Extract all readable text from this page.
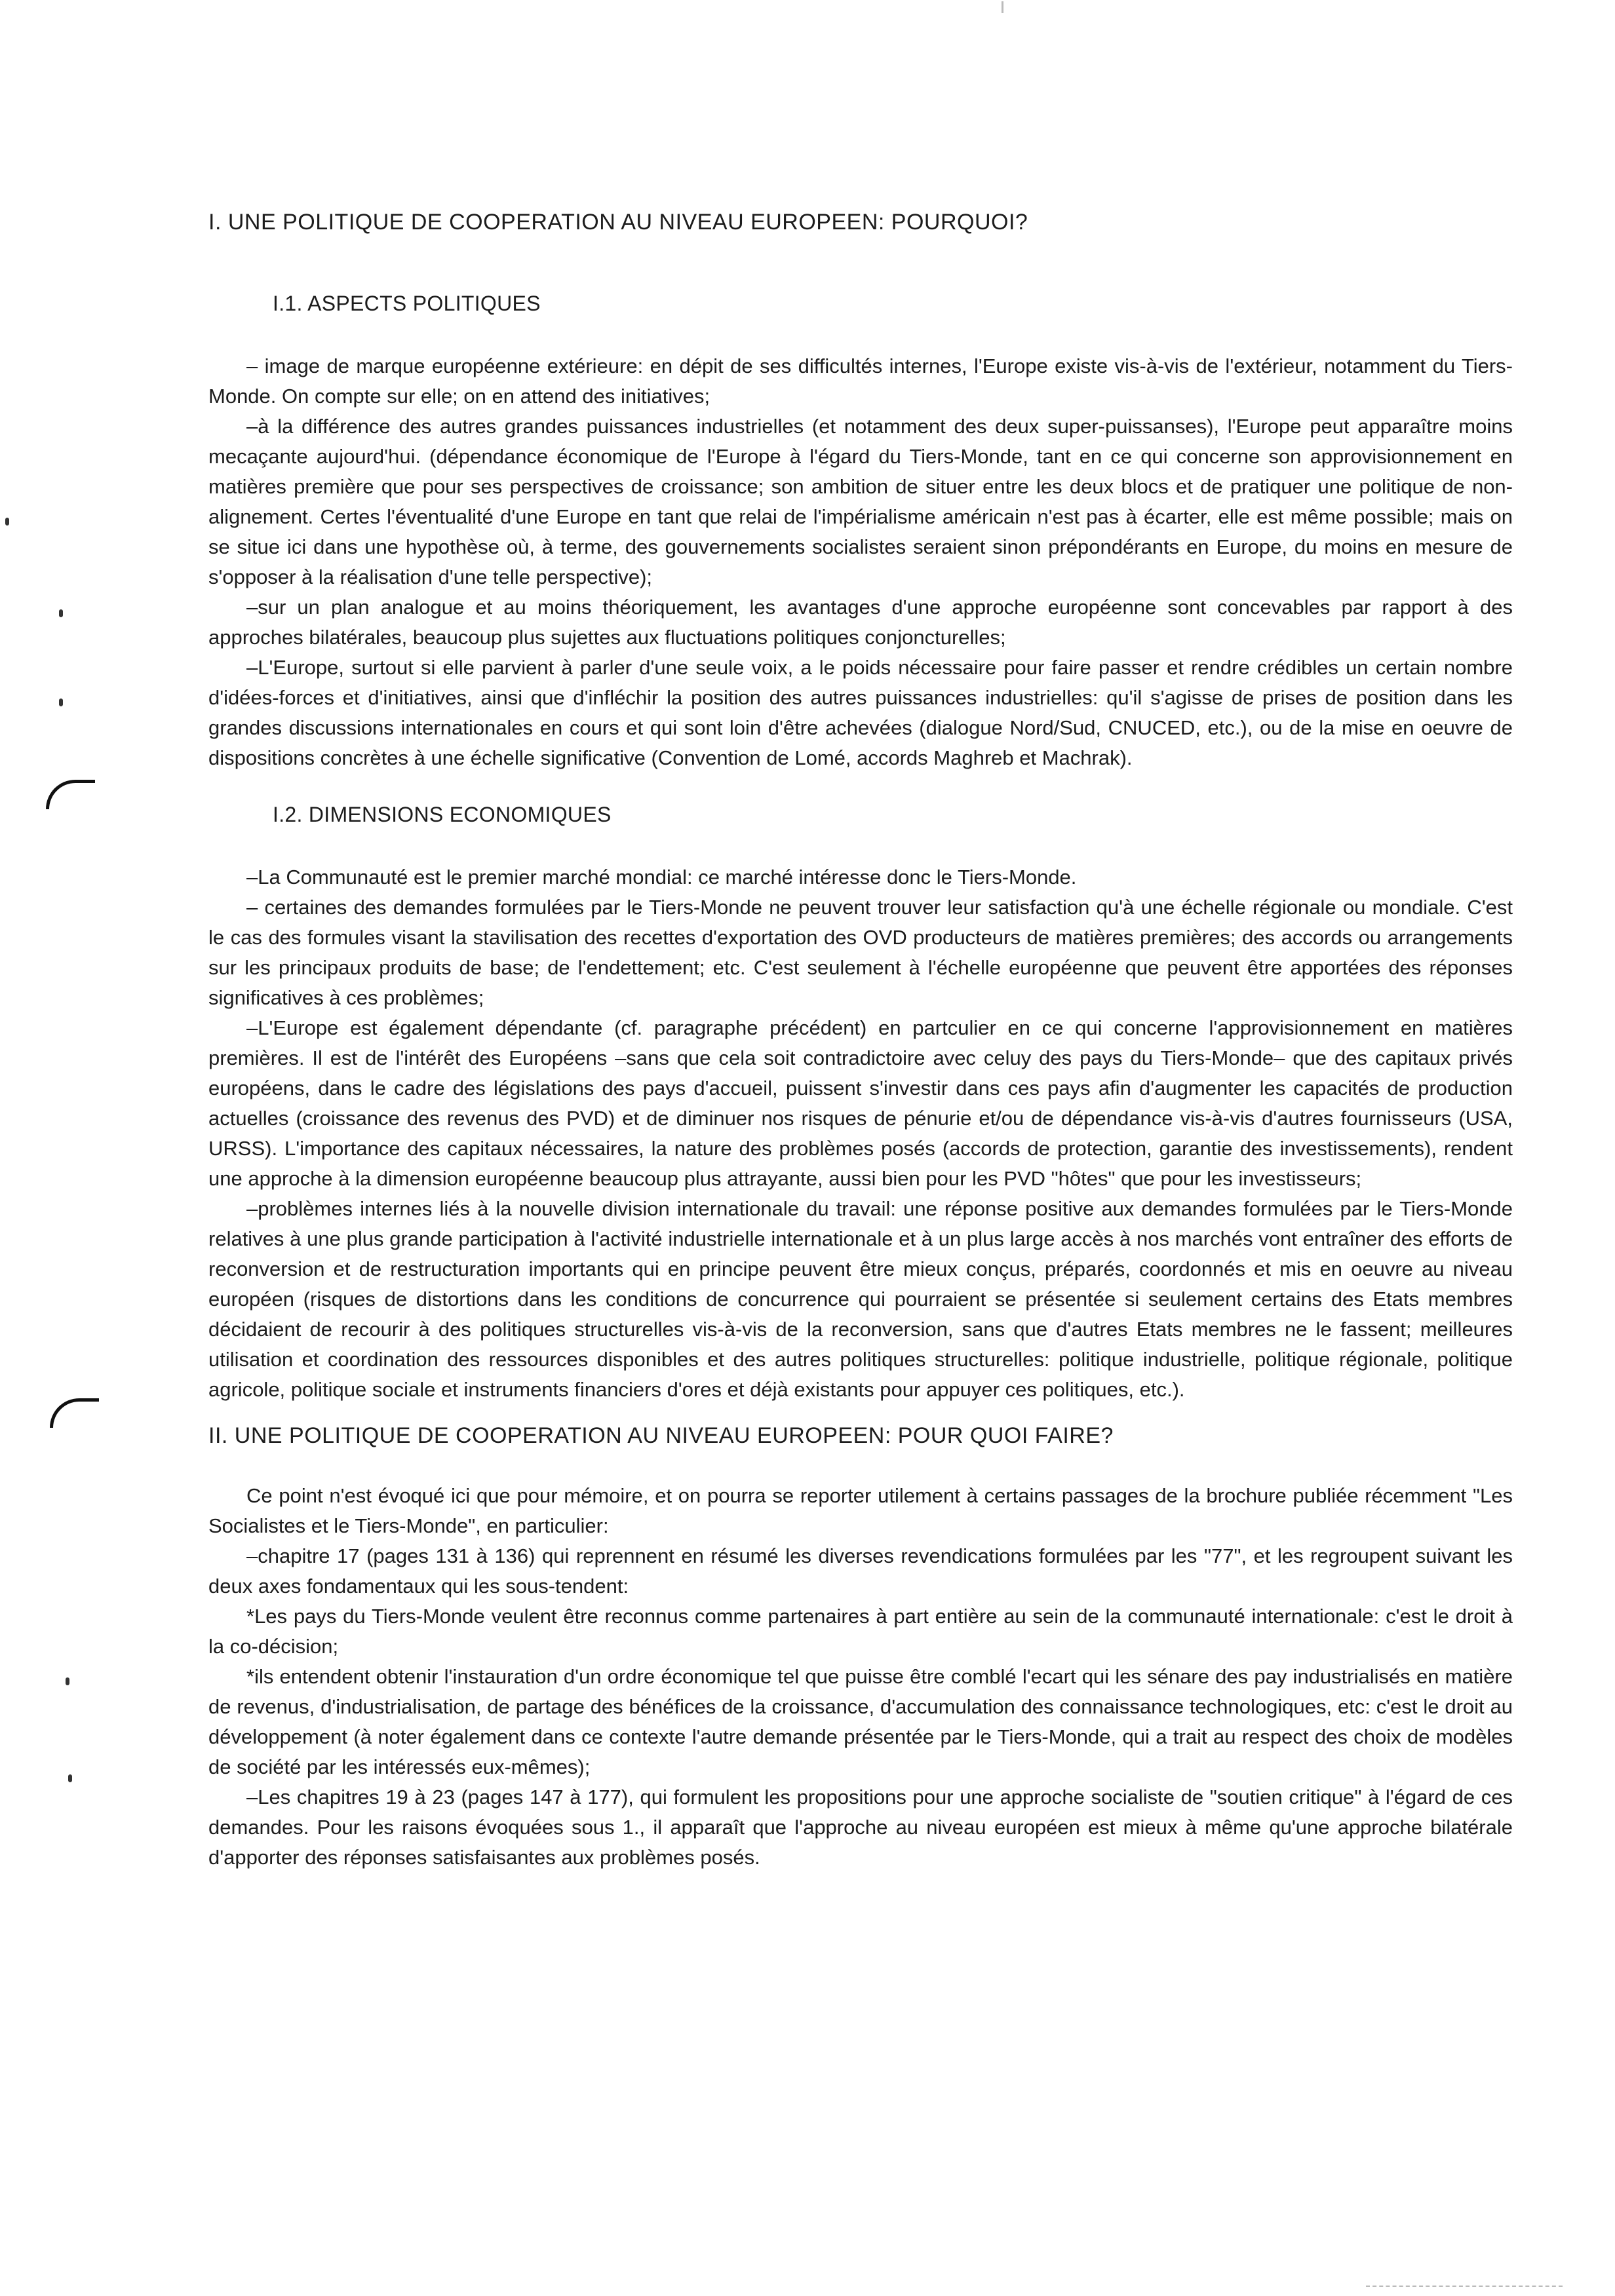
I. UNE POLITIQUE DE COOPERATION AU NIVEAU EUROPEEN: POURQUOI?
I.1. ASPECTS POLITIQUES

– image de marque européenne extérieure: en dépit de ses difficultés internes, l'Europe existe vis-à-vis de l'extérieur, notamment du Tiers-Monde. On compte sur elle; on en attend des initiatives;

–à la différence des autres grandes puissances industrielles (et notamment des deux super-puissanses), l'Europe peut apparaître moins mecaçante aujourd'hui. (dépendance économique de l'Europe à l'égard du Tiers-Monde, tant en ce qui concerne son approvisionnement en matières première que pour ses perspectives de croissance; son ambition de situer entre les deux blocs et de pratiquer une politique de non-alignement. Certes l'éventualité d'une Europe en tant que relai de l'impérialisme américain n'est pas à écarter, elle est même possible; mais on se situe ici dans une hypothèse où, à terme, des gouvernements socialistes seraient sinon prépondérants en Europe, du moins en mesure de s'opposer à la réalisation d'une telle perspective);

–sur un plan analogue et au moins théoriquement, les avantages d'une approche européenne sont concevables par rapport à des approches bilatérales, beaucoup plus sujettes aux fluctuations politiques conjoncturelles;

–L'Europe, surtout si elle parvient à parler d'une seule voix, a le poids nécessaire pour faire passer et rendre crédibles un certain nombre d'idées-forces et d'initiatives, ainsi que d'infléchir la position des autres puissances industrielles: qu'il s'agisse de prises de position dans les grandes discussions internationales en cours et qui sont loin d'être achevées (dialogue Nord/Sud, CNUCED, etc.), ou de la mise en oeuvre de dispositions concrètes à une échelle significative (Convention de Lomé, accords Maghreb et Machrak).

I.2. DIMENSIONS ECONOMIQUES

–La Communauté est le premier marché mondial: ce marché intéresse donc le Tiers-Monde.

– certaines des demandes formulées par le Tiers-Monde ne peuvent trouver leur satisfaction qu'à une échelle régionale ou mondiale. C'est le cas des formules visant la stavilisation des recettes d'exportation des OVD producteurs de matières premières; des accords ou arrangements sur les principaux produits de base; de l'endettement; etc. C'est seulement à l'échelle européenne que peuvent être apportées des réponses significatives à ces problèmes;

–L'Europe est également dépendante (cf. paragraphe précédent) en partculier en ce qui concerne l'approvisionnement en matières premières. Il est de l'intérêt des Européens –sans que cela soit contradictoire avec celuy des pays du Tiers-Monde– que des capitaux privés européens, dans le cadre des législations des pays d'accueil, puissent s'investir dans ces pays afin d'augmenter les capacités de production actuelles (croissance des revenus des PVD) et de diminuer nos risques de pénurie et/ou de dépendance vis-à-vis d'autres fournisseurs (USA, URSS). L'importance des capitaux nécessaires, la nature des problèmes posés (accords de protection, garantie des investissements), rendent une approche à la dimension européenne beaucoup plus attrayante, aussi bien pour les PVD "hôtes" que pour les investisseurs;

–problèmes internes liés à la nouvelle division internationale du travail: une réponse positive aux demandes formulées par le Tiers-Monde relatives à une plus grande participation à l'activité industrielle internationale et à un plus large accès à nos marchés vont entraîner des efforts de reconversion et de restructuration importants qui en principe peuvent être mieux conçus, préparés, coordonnés et mis en oeuvre au niveau européen (risques de distortions dans les conditions de concurrence qui pourraient se présentée si seulement certains des Etats membres décidaient de recourir à des politiques structurelles vis-à-vis de la reconversion, sans que d'autres Etats membres ne le fassent; meilleures utilisation et coordination des ressources disponibles et des autres politiques structurelles: politique industrielle, politique régionale, politique agricole, politique sociale et instruments financiers d'ores et déjà existants pour appuyer ces politiques, etc.).

II. UNE POLITIQUE DE COOPERATION AU NIVEAU EUROPEEN: POUR QUOI FAIRE?

Ce point n'est évoqué ici que pour mémoire, et on pourra se reporter utilement à certains passages de la brochure publiée récemment "Les Socialistes et le Tiers-Monde", en particulier:

–chapitre 17 (pages 131 à 136) qui reprennent en résumé les diverses revendications formulées par les "77", et les regroupent suivant les deux axes fondamentaux qui les sous-tendent:

*Les pays du Tiers-Monde veulent être reconnus comme partenaires à part entière au sein de la communauté internationale: c'est le droit à la co-décision;

*ils entendent obtenir l'instauration d'un ordre économique tel que puisse être comblé l'ecart qui les sénare des pay industrialisés en matière de revenus, d'industrialisation, de partage des bénéfices de la croissance, d'accumulation des connaissance technologiques, etc: c'est le droit au développement (à noter également dans ce contexte l'autre demande présentée par le Tiers-Monde, qui a trait au respect des choix de modèles de société par les intéressés eux-mêmes);

–Les chapitres 19 à 23 (pages 147 à 177), qui formulent les propositions pour une approche socialiste de "soutien critique" à l'égard de ces demandes. Pour les raisons évoquées sous 1., il apparaît que l'approche au niveau européen est mieux à même qu'une approche bilatérale d'apporter des réponses satisfaisantes aux problèmes posés.
